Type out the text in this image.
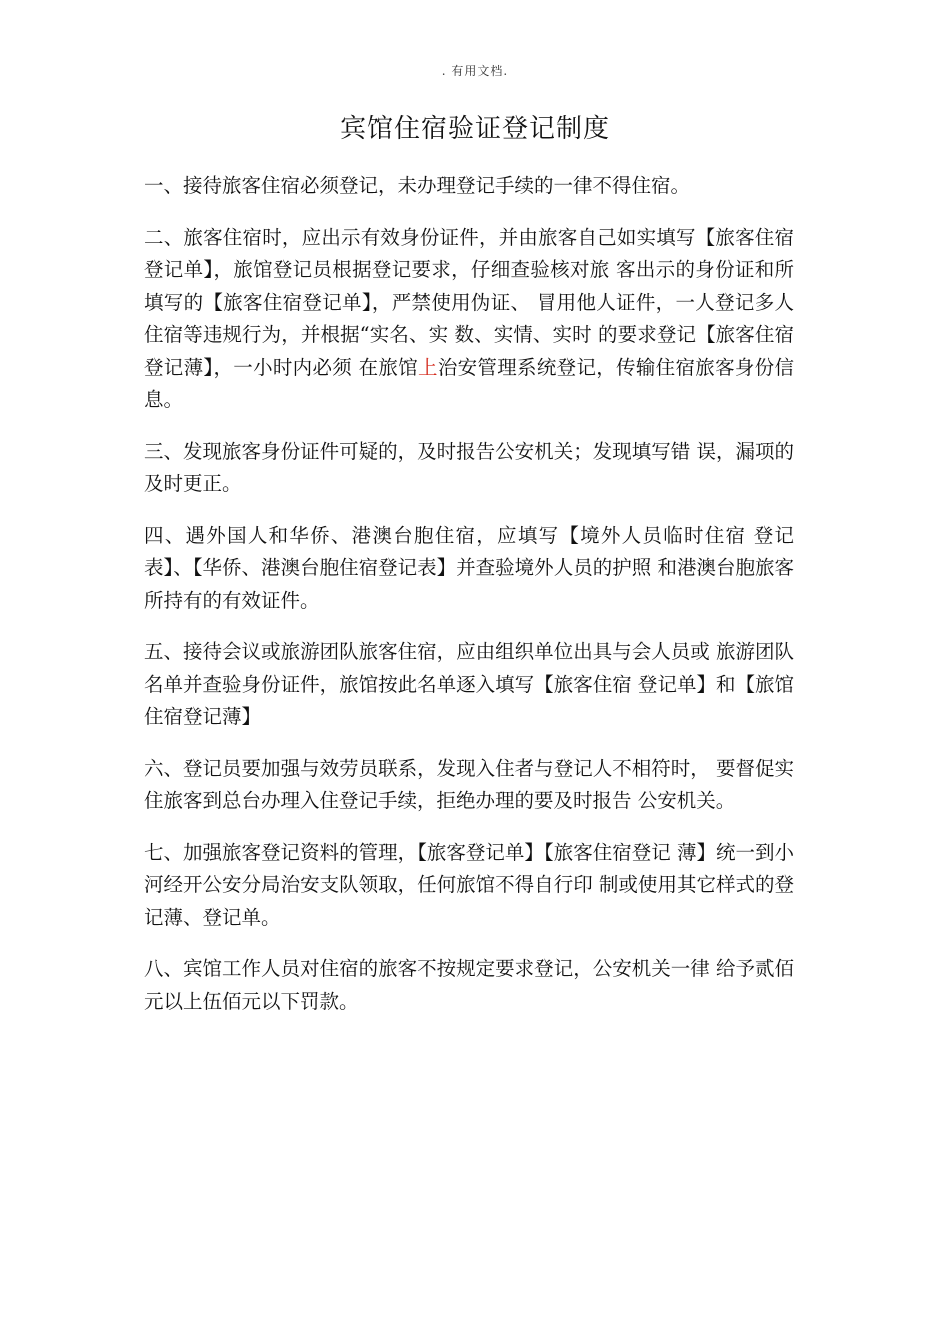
. 有用文档.
宾馆住宿验证登记制度

一、接待旅客住宿必须登记，未办理登记手续的一律不得住宿。

二、旅客住宿时，应出示有效身份证件，并由旅客自己如实填写【旅客住宿登记单】，旅馆登记员根据登记要求，仔细查验核对旅 客出示的身份证和所填写的【旅客住宿登记单】，严禁使用伪证、 冒用他人证件，一人登记多人住宿等违规行为，并根据“实名、实 数、实情、实时 的要求登记【旅客住宿登记薄】，一小时内必须 在旅馆上治安管理系统登记，传输住宿旅客身份信息。

三、发现旅客身份证件可疑的，及时报告公安机关；发现填写错 误，漏项的及时更正。

四、遇外国人和华侨、港澳台胞住宿，应填写【境外人员临时住宿 登记表】、【华侨、港澳台胞住宿登记表】并查验境外人员的护照 和港澳台胞旅客所持有的有效证件。

五、接待会议或旅游团队旅客住宿，应由组织单位出具与会人员或 旅游团队名单并查验身份证件，旅馆按此名单逐入填写【旅客住宿 登记单】和【旅馆住宿登记薄】

六、登记员要加强与效劳员联系，发现入住者与登记人不相符时， 要督促实住旅客到总台办理入住登记手续，拒绝办理的要及时报告 公安机关。

七、加强旅客登记资料的管理，【旅客登记单】【旅客住宿登记 薄】统一到小河经开公安分局治安支队领取，任何旅馆不得自行印 制或使用其它样式的登记薄、登记单。

八、宾馆工作人员对住宿的旅客不按规定要求登记，公安机关一律 给予贰佰元以上伍佰元以下罚款。
